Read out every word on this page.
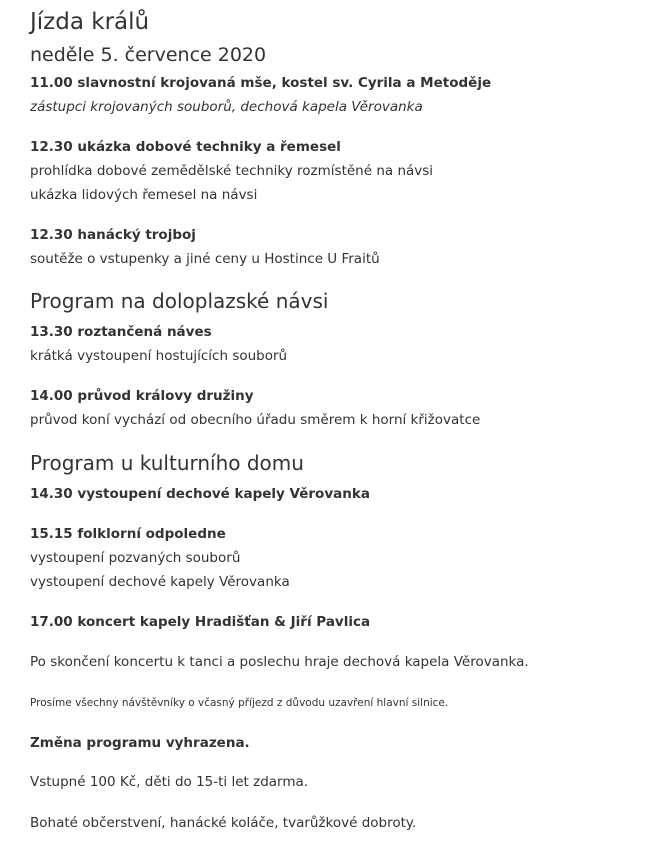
Jízda králů
neděle 5. července 2020
11.00 slavnostní krojovaná mše, kostel sv. Cyrila a Metoděje
zástupci krojovaných souborů, dechová kapela Věrovanka
12.30 ukázka dobové techniky a řemesel
prohlídka dobové zemědělské techniky rozmístěné na návsi
ukázka lidových řemesel na návsi
12.30 hanácký trojboj
soutěže o vstupenky a jiné ceny u Hostince U Fraitů
Program na doloplazské návsi
13.30 roztančená náves
krátká vystoupení hostujících souborů
14.00 průvod královy družiny
průvod koní vychází od obecního úřadu směrem k horní křižovatce
Program u kulturního domu
14.30 vystoupení dechové kapely Věrovanka
15.15 folklorní odpoledne
vystoupení pozvaných souborů
vystoupení dechové kapely Věrovanka
17.00 koncert kapely Hradišťan & Jiří Pavlica
Po skončení koncertu k tanci a poslechu hraje dechová kapela Věrovanka.
Prosíme všechny návštěvníky o včasný příjezd z důvodu uzavření hlavní silnice.
Změna programu vyhrazena.
Vstupné 100 Kč, děti do 15-ti let zdarma.
Bohaté občerstvení, hanácké koláče, tvarůžkové dobroty.
